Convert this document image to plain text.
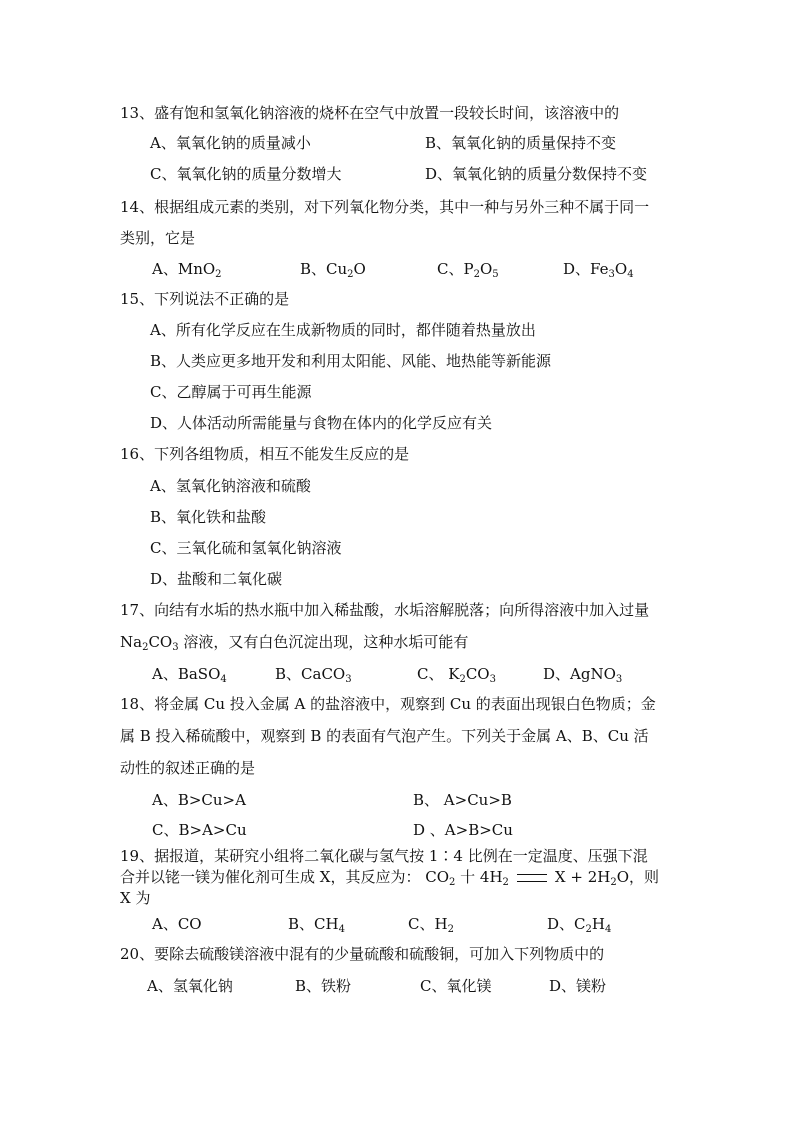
13、盛有饱和氢氧化钠溶液的烧杯在空气中放置一段较长时间，该溶液中的
A、氧氧化钠的质量减小	B、氧氧化钠的质量保持不变
C、氧氧化钠的质量分数增大	D、氧氧化钠的质量分数保持不变
14、根据组成元素的类别，对下列氧化物分类，其中一种与另外三种不属于同一
类别，它是
A、MnO$_2$	B、$Cu_2O$	C、$P_2O_5$	D、$Fe_3O_4$
15、下列说法不正确的是
A、所有化学反应在生成新物质的同时，都伴随着热量放出
B、人类应更多地开发和利用太阳能、风能、地热能等新能源
C、乙醇属于可再生能源
D、人体活动所需能量与食物在体内的化学反应有关
16、下列各组物质，相互不能发生反应的是
A、氢氧化钠溶液和硫酸
B、氧化铁和盐酸
C、三氧化硫和氢氧化钠溶液
D、盐酸和二氧化碳
17、向结有水垢的热水瓶中加入稀盐酸，水垢溶解脱落；向所得溶液中加入过量
$Na_2CO_3$ 溶液，又有白色沉淀出现，这种水垢可能有
A、BaSO$_4$	B、CaCO$_3$	C、 $K_2CO_3$	D、AgNO$_3$
18、将金属 Cu 投入金属 A 的盐溶液中，观察到 Cu 的表面出现银白色物质；金
属 B 投入稀硫酸中，观察到 B 的表面有气泡产生。下列关于金属 A、B、Cu 活
动性的叙述正确的是
A、B>Cu>A	B、 A>Cu>B
C、B>A>Cu	D 、A>B>Cu
19、据报道，某研究小组将二氧化碳与氢气按 1∶4 比例在一定温度、压强下混
合并以铑一镁为催化剂可生成 X，其反应为： $CO_2$ 十 $4H_2$	$X + 2H_2O$，则
X 为
A、CO	B、$CH_4$	C、$H_2$	D、$C_2H_4$
20、要除去硫酸镁溶液中混有的少量硫酸和硫酸铜，可加入下列物质中的
A、氢氧化钠	B、铁粉	C、氧化镁	D、镁粉
